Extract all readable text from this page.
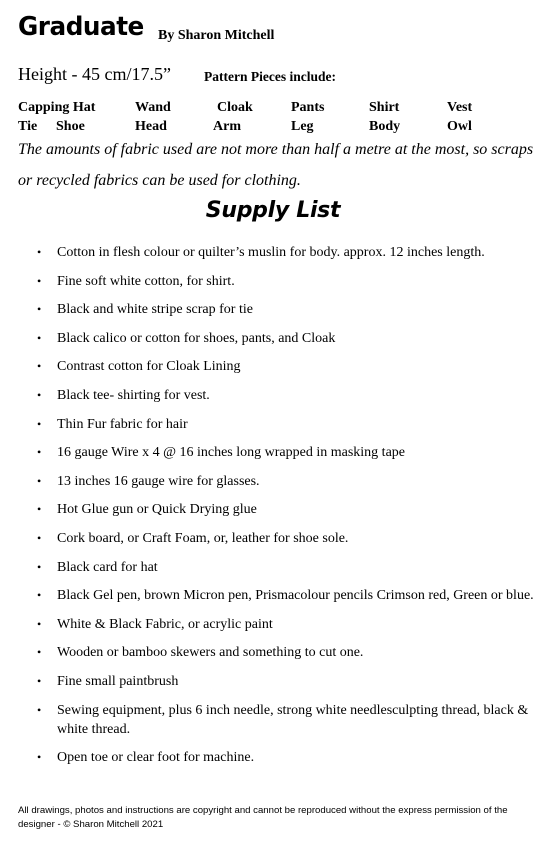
Graduate By Sharon Mitchell
Height - 45 cm/17.5” Pattern Pieces include:
Capping Hat	Wand	Cloak	Pants	Shirt	Vest
Tie Shoe	Head	Arm	Leg	Body	Owl
The amounts of fabric used are not more than half a metre at the most, so scraps or recycled fabrics can be used for clothing.
Supply List
• Cotton in flesh colour or quilter’s muslin for body. approx. 12 inches length.
• Fine soft white cotton, for shirt.
• Black and white stripe scrap for tie
• Black calico or cotton for shoes, pants, and Cloak
• Contrast cotton for Cloak Lining
• Black tee- shirting for vest.
• Thin Fur fabric for hair
• 16 gauge Wire x 4 @ 16 inches long wrapped in masking tape
• 13 inches 16 gauge wire for glasses.
• Hot Glue gun or Quick Drying glue
• Cork board, or Craft Foam, or, leather for shoe sole.
• Black card for hat
• Black Gel pen, brown Micron pen, Prismacolour pencils Crimson red, Green or blue.
• White & Black Fabric, or acrylic paint
• Wooden or bamboo skewers and something to cut one.
• Fine small paintbrush
• Sewing equipment, plus 6 inch needle, strong white needlesculpting thread, black & white thread.
• Open toe or clear foot for machine.
All drawings, photos and instructions are copyright and cannot be reproduced without the express permission of the designer - © Sharon Mitchell 2021
